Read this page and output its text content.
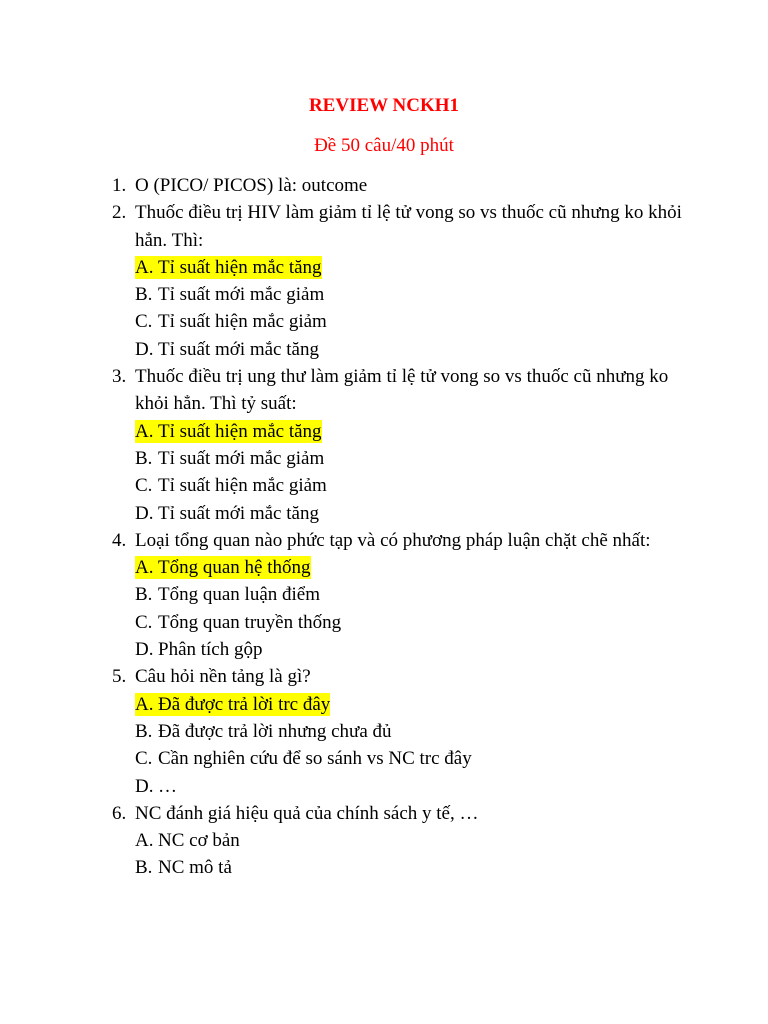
REVIEW NCKH1
Đề 50 câu/40 phút
1. O (PICO/ PICOS) là: outcome
2. Thuốc điều trị HIV làm giảm tỉ lệ tử vong so vs thuốc cũ nhưng ko khỏi hẳn. Thì:
A. Tỉ suất hiện mắc tăng
B. Tỉ suất mới mắc giảm
C. Tỉ suất hiện mắc giảm
D. Tỉ suất mới mắc tăng
3. Thuốc điều trị ung thư làm giảm tỉ lệ tử vong so vs thuốc cũ nhưng ko khỏi hẳn. Thì tỷ suất:
A. Tỉ suất hiện mắc tăng
B. Tỉ suất mới mắc giảm
C. Tỉ suất hiện mắc giảm
D. Tỉ suất mới mắc tăng
4. Loại tổng quan nào phức tạp và có phương pháp luận chặt chẽ nhất:
A. Tổng quan hệ thống
B. Tổng quan luận điểm
C. Tổng quan truyền thống
D. Phân tích gộp
5. Câu hỏi nền tảng là gì?
A. Đã được trả lời trc đây
B. Đã được trả lời nhưng chưa đủ
C. Cần nghiên cứu để so sánh vs NC trc đây
D. …
6. NC đánh giá hiệu quả của chính sách y tế, …
A. NC cơ bản
B. NC mô tả
